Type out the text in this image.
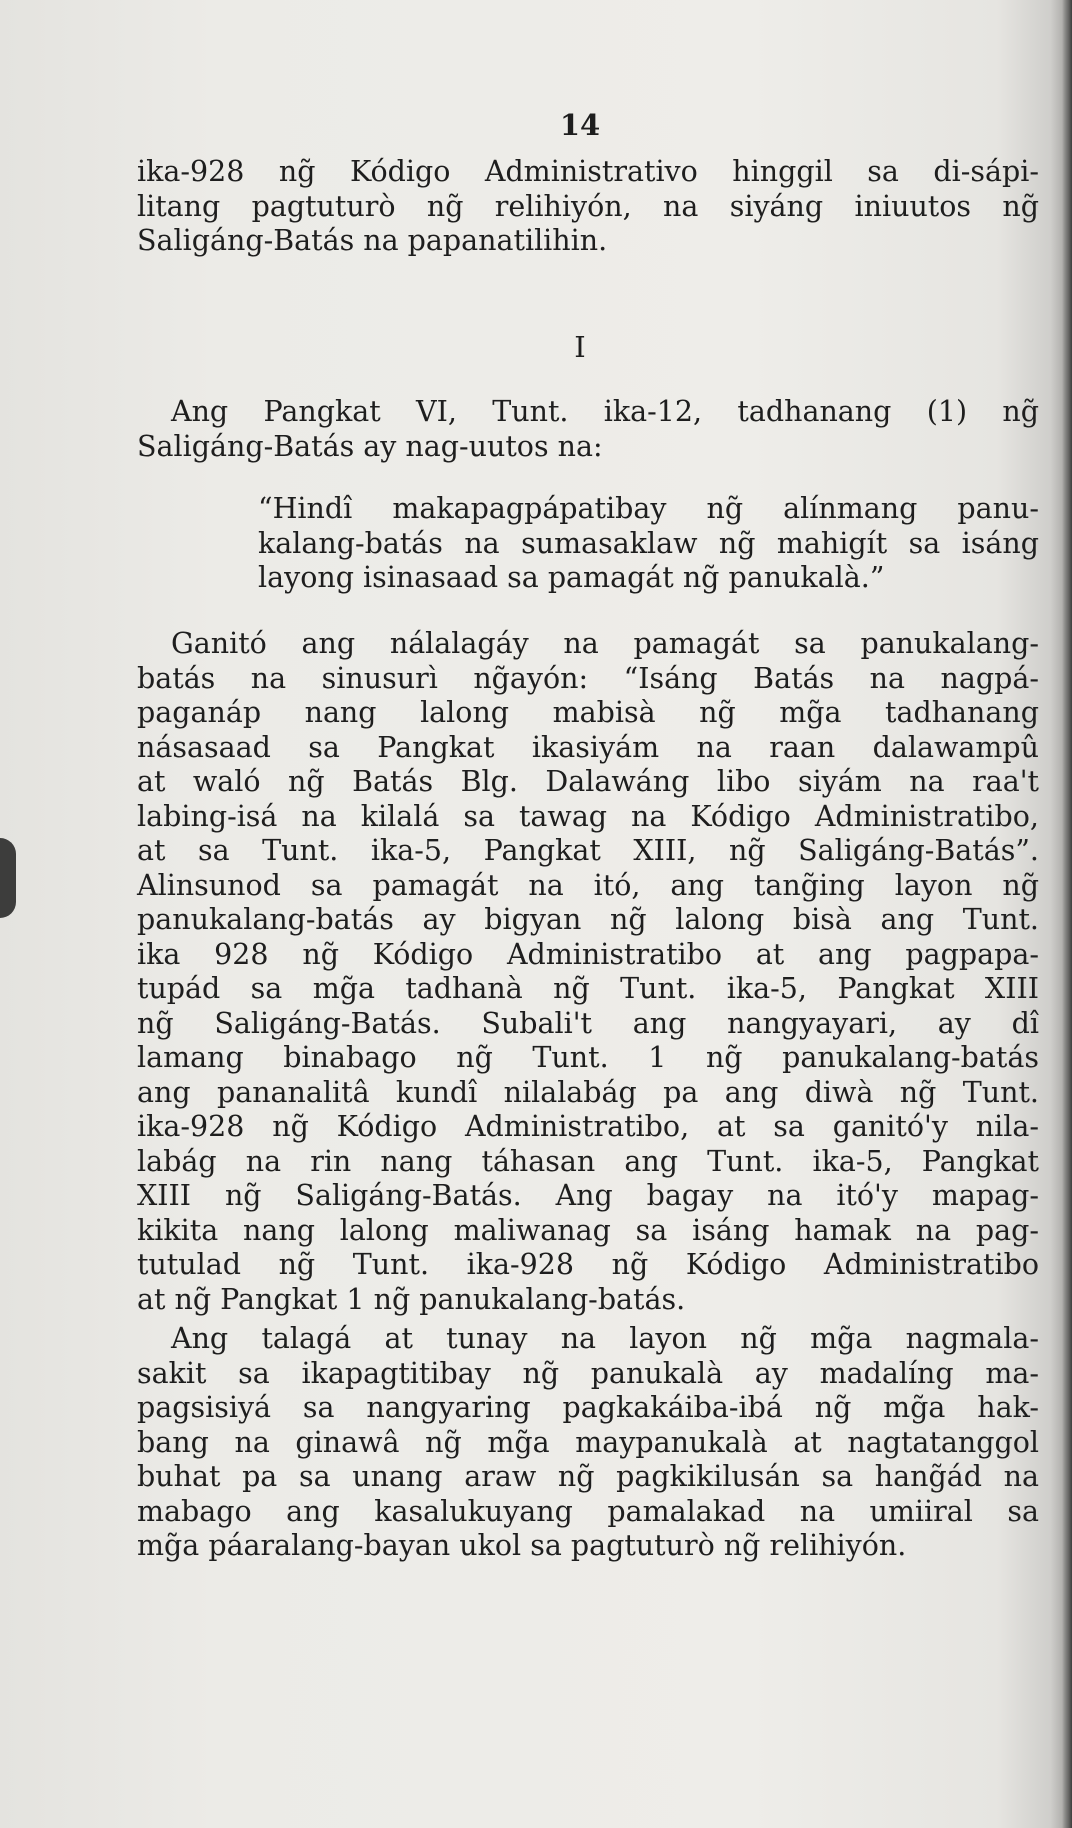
14
ika-928 ng̃ Kódigo Administrativo hinggil sa di-sápi-
litang pagtuturò ng̃ relihiyón, na siyáng iniuutos ng̃
Saligáng-Batás na papanatilihin.
I
Ang Pangkat VI, Tunt. ika-12, tadhanang (1) ng̃
Saligáng-Batás ay nag-uutos na:
“Hindî makapagpápatibay ng̃ alínmang panu-
kalang-batás na sumasaklaw ng̃ mahigít sa isáng
layong isinasaad sa pamagát ng̃ panukalà.”
Ganitó ang nálalagáy na pamagát sa panukalang-
batás na sinusurì ng̃ayón: “Isáng Batás na nagpá-
paganáp nang lalong mabisà ng̃ mg̃a tadhanang
násasaad sa Pangkat ikasiyám na raan dalawampû
at waló ng̃ Batás Blg. Dalawáng libo siyám na raa't
labing-isá na kilalá sa tawag na Kódigo Administratibo,
at sa Tunt. ika-5, Pangkat XIII, ng̃ Saligáng-Batás”.
Alinsunod sa pamagát na itó, ang tang̃ing layon ng̃
panukalang-batás ay bigyan ng̃ lalong bisà ang Tunt.
ika 928 ng̃ Kódigo Administratibo at ang pagpapa-
tupád sa mg̃a tadhanà ng̃ Tunt. ika-5, Pangkat XIII
ng̃ Saligáng-Batás. Subali't ang nangyayari, ay dî
lamang binabago ng̃ Tunt. 1 ng̃ panukalang-batás
ang pananalitâ kundî nilalabág pa ang diwà ng̃ Tunt.
ika-928 ng̃ Kódigo Administratibo, at sa ganitó'y nila-
labág na rin nang táhasan ang Tunt. ika-5, Pangkat
XIII ng̃ Saligáng-Batás. Ang bagay na itó'y mapag-
kikita nang lalong maliwanag sa isáng hamak na pag-
tutulad ng̃ Tunt. ika-928 ng̃ Kódigo Administratibo
at ng̃ Pangkat 1 ng̃ panukalang-batás.
Ang talagá at tunay na layon ng̃ mg̃a nagmala-
sakit sa ikapagtitibay ng̃ panukalà ay madalíng ma-
pagsisiyá sa nangyaring pagkakáiba-ibá ng̃ mg̃a hak-
bang na ginawâ ng̃ mg̃a maypanukalà at nagtatanggol
buhat pa sa unang araw ng̃ pagkikilusán sa hang̃ád na
mabago ang kasalukuyang pamalakad na umiiral sa
mg̃a páaralang-bayan ukol sa pagtuturò ng̃ relihiyón.
